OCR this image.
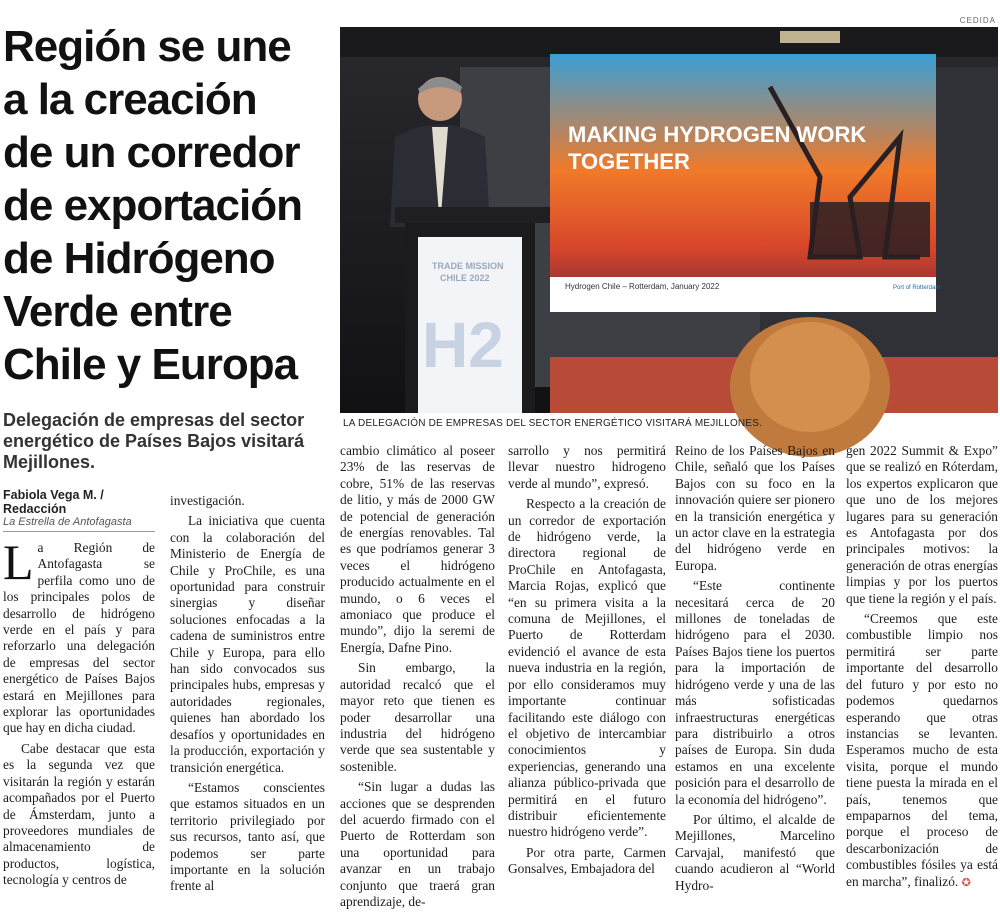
Región se une
a la creación
de un corredor
de exportación
de Hidrógeno
Verde entre
Chile y Europa
CEDIDA
MAKING HYDROGEN WORK
TOGETHER
Hydrogen Chile – Rotterdam, January 2022	Port of Rotterdam
TRADE MISSION
CHILE 2022
H2
LA DELEGACIÓN DE EMPRESAS DEL SECTOR ENERGÉTICO VISITARÁ MEJILLONES.
Delegación de empresas del sector
energético de Países Bajos visitará
Mejillones.
Fabiola Vega M. / Redacción
La Estrella de Antofagasta
L a Región de Antofagasta se perfila como uno de los principales polos de desarrollo de hidrógeno verde en el país y para reforzarlo una delegación de empresas del sector energético de Países Bajos estará en Mejillones para explorar las oportunidades que hay en dicha ciudad.

Cabe destacar que esta es la segunda vez que visitarán la región y estarán acompañados por el Puerto de Ámsterdam, junto a proveedores mundiales de almacenamiento de productos, logística, tecnología y centros de

investigación.

La iniciativa que cuenta con la colaboración del Ministerio de Energía de Chile y ProChile, es una oportunidad para construir sinergias y diseñar soluciones enfocadas a la cadena de suministros entre Chile y Europa, para ello han sido convocados sus principales hubs, empresas y autoridades regionales, quienes han abordado los desafíos y oportunidades en la producción, exportación y transición energética.

“Estamos conscientes que estamos situados en un territorio privilegiado por sus recursos, tanto así, que podemos ser parte importante en la solución frente al

cambio climático al poseer 23% de las reservas de cobre, 51% de las reservas de litio, y más de 2000 GW de potencial de generación de energías renovables. Tal es que podríamos generar 3 veces el hidrógeno producido actualmente en el mundo, o 6 veces el amoniaco que produce el mundo”, dijo la seremi de Energía, Dafne Pino.

Sin embargo, la autoridad recalcó que el mayor reto que tienen es poder desarrollar una industria del hidrógeno verde que sea sustentable y sostenible.

“Sin lugar a dudas las acciones que se desprenden del acuerdo firmado con el Puerto de Rotterdam son una oportunidad para avanzar en un trabajo conjunto que traerá gran aprendizaje, de-

sarrollo y nos permitirá llevar nuestro hidrogeno verde al mundo”, expresó.

Respecto a la creación de un corredor de exportación de hidrógeno verde, la directora regional de ProChile en Antofagasta, Marcia Rojas, explicó que “en su primera visita a la comuna de Mejillones, el Puerto de Rotterdam evidenció el avance de esta nueva industria en la región, por ello consideramos muy importante continuar facilitando este diálogo con el objetivo de intercambiar conocimientos y experiencias, generando una alianza público-privada que permitirá en el futuro distribuir eficientemente nuestro hidrógeno verde”.

Por otra parte, Carmen Gonsalves, Embajadora del

Reino de los Países Bajos en Chile, señaló que los Países Bajos con su foco en la innovación quiere ser pionero en la transición energética y un actor clave en la estrategia del hidrógeno verde en Europa.

“Este continente necesitará cerca de 20 millones de toneladas de hidrógeno para el 2030. Países Bajos tiene los puertos para la importación de hidrógeno verde y una de las más sofisticadas infraestructuras energéticas para distribuirlo a otros países de Europa. Sin duda estamos en una excelente posición para el desarrollo de la economía del hidrógeno”.

Por último, el alcalde de Mejillones, Marcelino Carvajal, manifestó que cuando acudieron al “World Hydro-

gen 2022 Summit & Expo” que se realizó en Róterdam, los expertos explicaron que que uno de los mejores lugares para su generación es Antofagasta por dos principales motivos: la generación de otras energías limpias y por los puertos que tiene la región y el país.

“Creemos que este combustible limpio nos permitirá ser parte importante del desarrollo del futuro y por esto no podemos quedarnos esperando que otras instancias se levanten. Esperamos mucho de esta visita, porque el mundo tiene puesta la mirada en el país, tenemos que empaparnos del tema, porque el proceso de descarbonización de combustibles fósiles ya está en marcha”, finalizó. ✪
